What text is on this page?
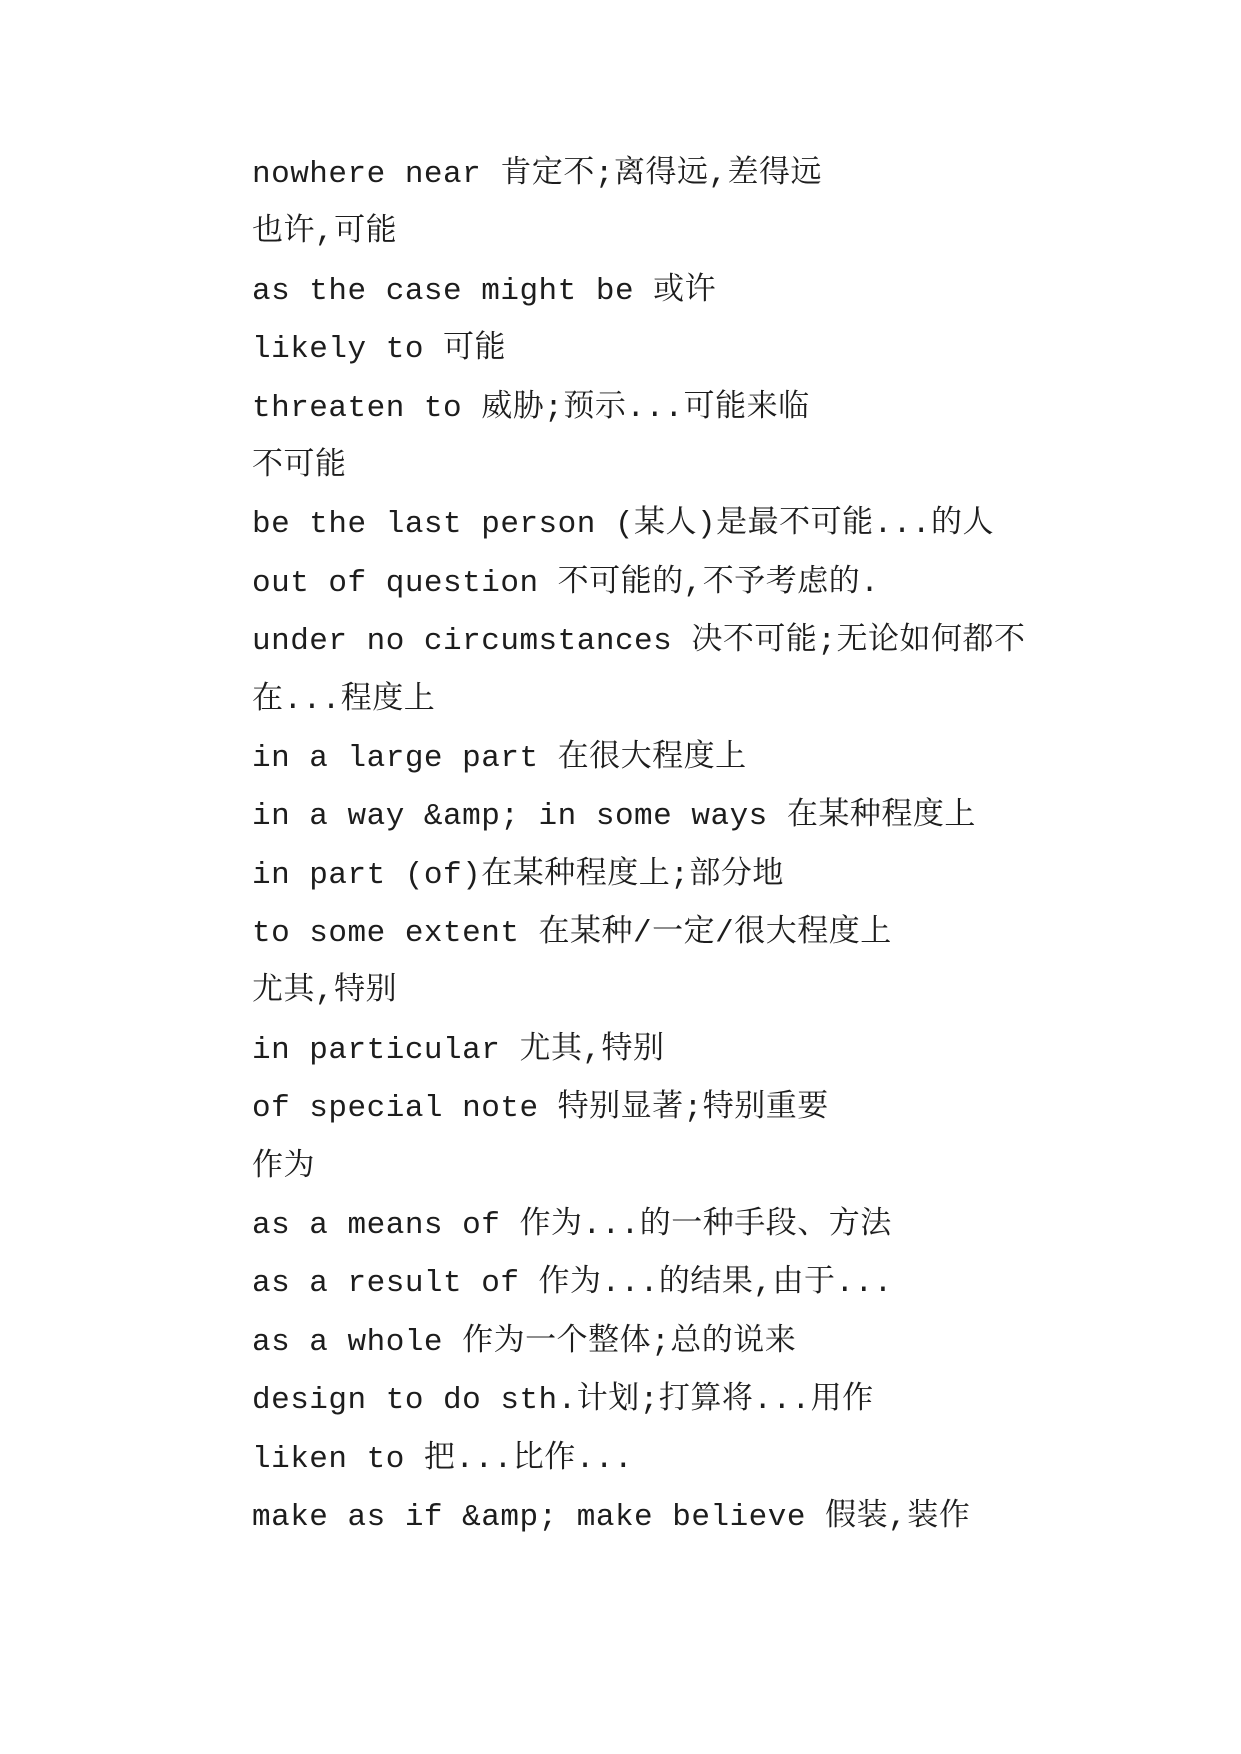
nowhere near 肯定不;离得远,差得远
也许,可能
as the case might be 或许
likely to 可能
threaten to 威胁;预示...可能来临
不可能
be the last person (某人)是最不可能...的人
out of question 不可能的,不予考虑的.
under no circumstances 决不可能;无论如何都不
在...程度上
in a large part 在很大程度上
in a way &amp; in some ways 在某种程度上
in part (of)在某种程度上;部分地
to some extent 在某种/一定/很大程度上
尤其,特别
in particular 尤其,特别
of special note 特别显著;特别重要
作为
as a means of 作为...的一种手段、方法
as a result of 作为...的结果,由于...
as a whole 作为一个整体;总的说来
design to do sth.计划;打算将...用作
liken to 把...比作...
make as if &amp; make believe 假装,装作
